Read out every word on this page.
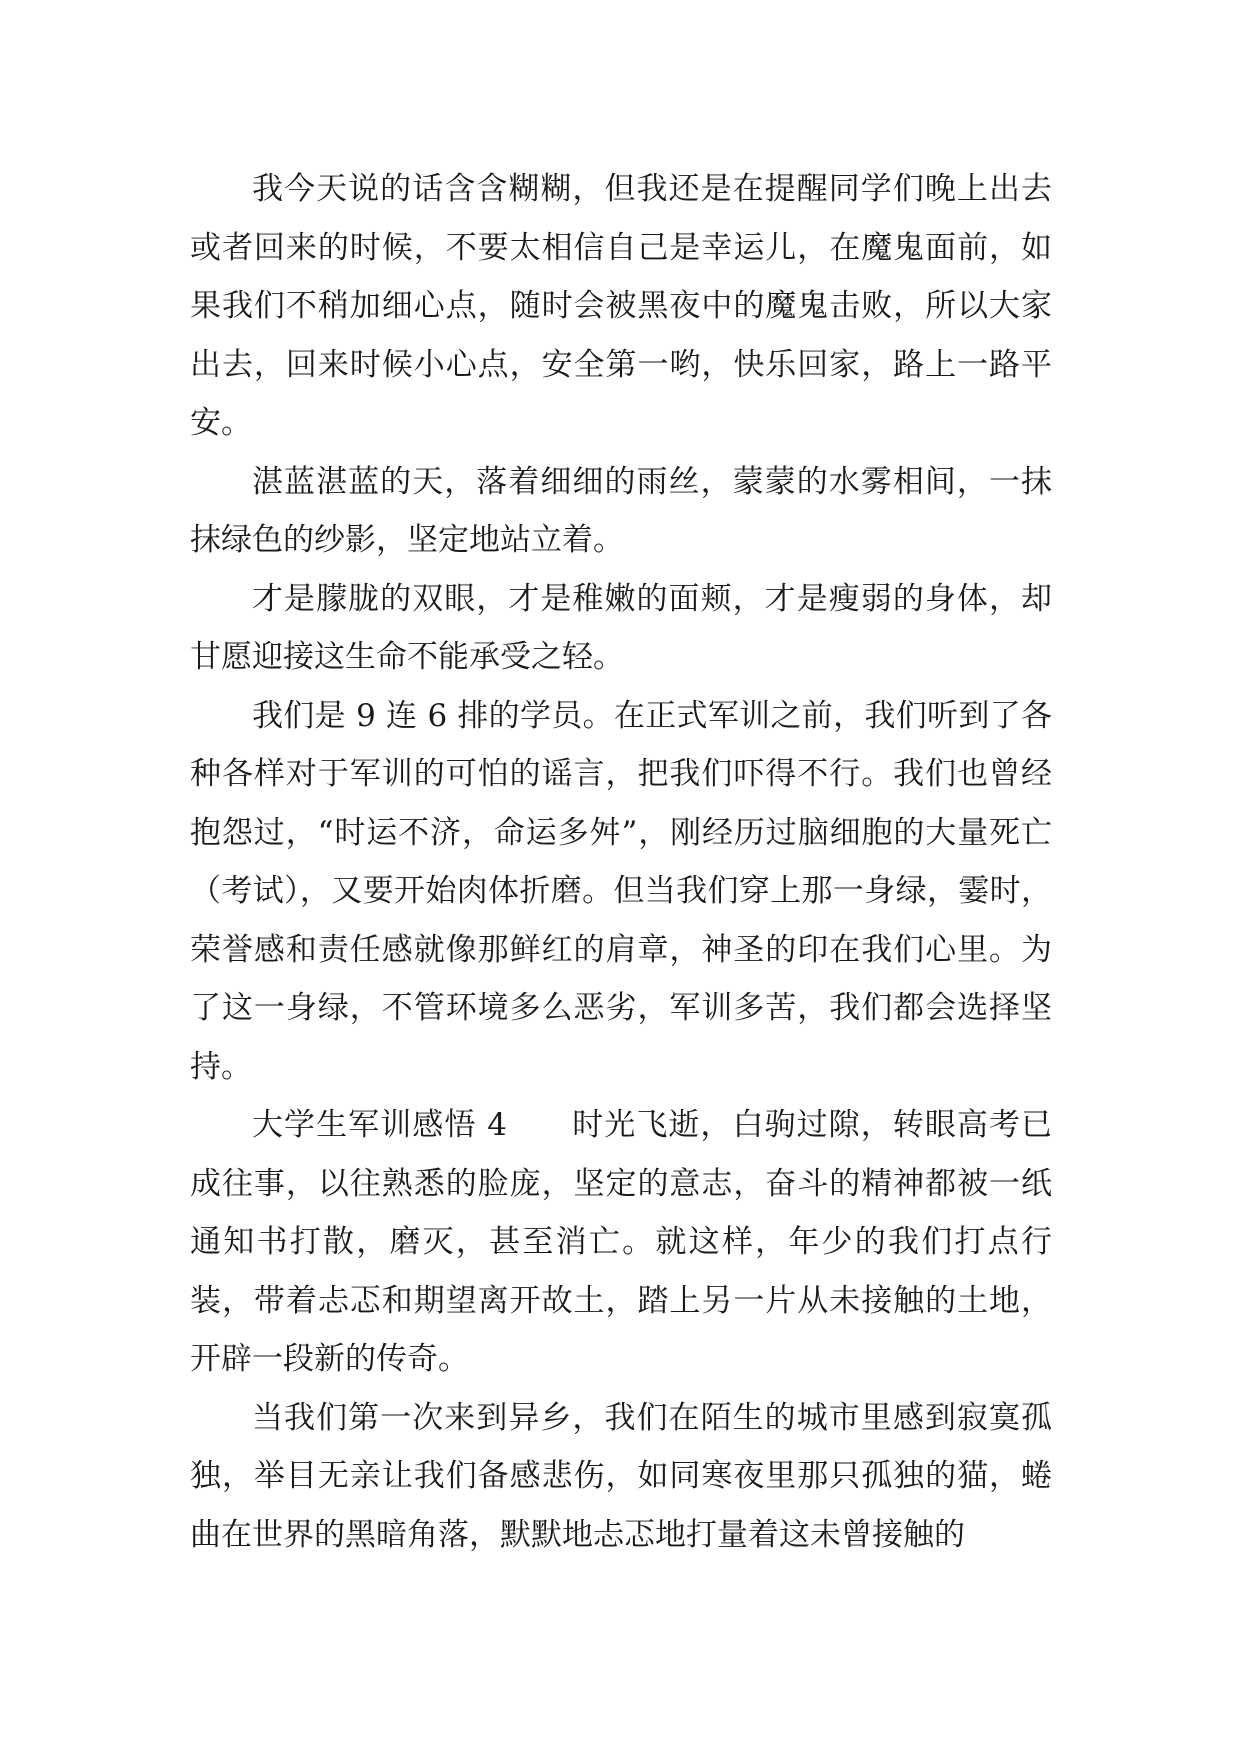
我今天说的话含含糊糊，但我还是在提醒同学们晚上出去或者回来的时候，不要太相信自己是幸运儿，在魔鬼面前，如果我们不稍加细心点，随时会被黑夜中的魔鬼击败，所以大家出去，回来时候小心点，安全第一哟，快乐回家，路上一路平安。

湛蓝湛蓝的天，落着细细的雨丝，蒙蒙的水雾相间，一抹抹绿色的纱影，坚定地站立着。

才是朦胧的双眼，才是稚嫩的面颊，才是瘦弱的身体，却甘愿迎接这生命不能承受之轻。

我们是 9 连 6 排的学员。在正式军训之前，我们听到了各种各样对于军训的可怕的谣言，把我们吓得不行。我们也曾经抱怨过，“时运不济，命运多舛”，刚经历过脑细胞的大量死亡（考试），又要开始肉体折磨。但当我们穿上那一身绿，霎时，荣誉感和责任感就像那鲜红的肩章，神圣的印在我们心里。为了这一身绿，不管环境多么恶劣，军训多苦，我们都会选择坚持。

大学生军训感悟 4　　时光飞逝，白驹过隙，转眼高考已成往事，以往熟悉的脸庞，坚定的意志，奋斗的精神都被一纸通知书打散，磨灭，甚至消亡。就这样，年少的我们打点行装，带着忐忑和期望离开故土，踏上另一片从未接触的土地，开辟一段新的传奇。

当我们第一次来到异乡，我们在陌生的城市里感到寂寞孤独，举目无亲让我们备感悲伤，如同寒夜里那只孤独的猫，蜷曲在世界的黑暗角落，默默地忐忑地打量着这未曾接触的
